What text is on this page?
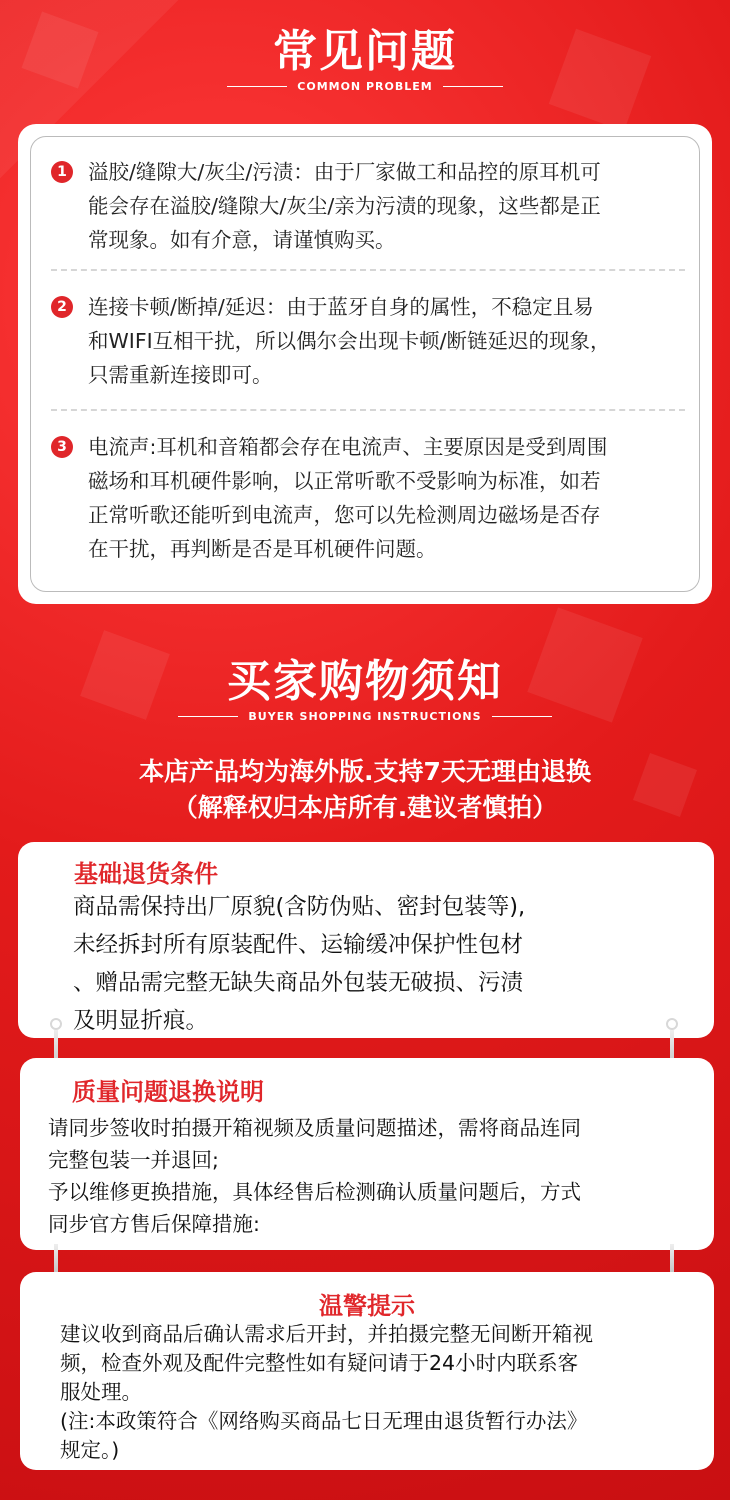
常见问题
COMMON PROBLEM
1 溢胶/缝隙大/灰尘/污渍：由于厂家做工和品控的原耳机可
能会存在溢胶/缝隙大/灰尘/亲为污渍的现象，这些都是正
常现象。如有介意，请谨慎购买。
2 连接卡顿/断掉/延迟：由于蓝牙自身的属性，不稳定且易
和WIFI互相干扰，所以偶尔会出现卡顿/断链延迟的现象，
只需重新连接即可。
3 电流声:耳机和音箱都会存在电流声、主要原因是受到周围
磁场和耳机硬件影响，以正常听歌不受影响为标准，如若
正常听歌还能听到电流声，您可以先检测周边磁场是否存
在干扰，再判断是否是耳机硬件问题。
买家购物须知
BUYER SHOPPING INSTRUCTIONS
本店产品均为海外版.支持7天无理由退换
（解释权归本店所有.建议者慎拍）
基础退货条件
商品需保持出厂原貌(含防伪贴、密封包装等),
未经拆封所有原装配件、运输缓冲保护性包材
、赠品需完整无缺失商品外包装无破损、污渍
及明显折痕。
质量问题退换说明
请同步签收时拍摄开箱视频及质量问题描述，需将商品连同
完整包装一并退回;
予以维修更换措施，具体经售后检测确认质量问题后，方式
同步官方售后保障措施:
温警提示
建议收到商品后确认需求后开封，并拍摄完整无间断开箱视
频，检查外观及配件完整性如有疑问请于24小时内联系客
服处理。
(注:本政策符合《网络购买商品七日无理由退货暂行办法》
规定。)
